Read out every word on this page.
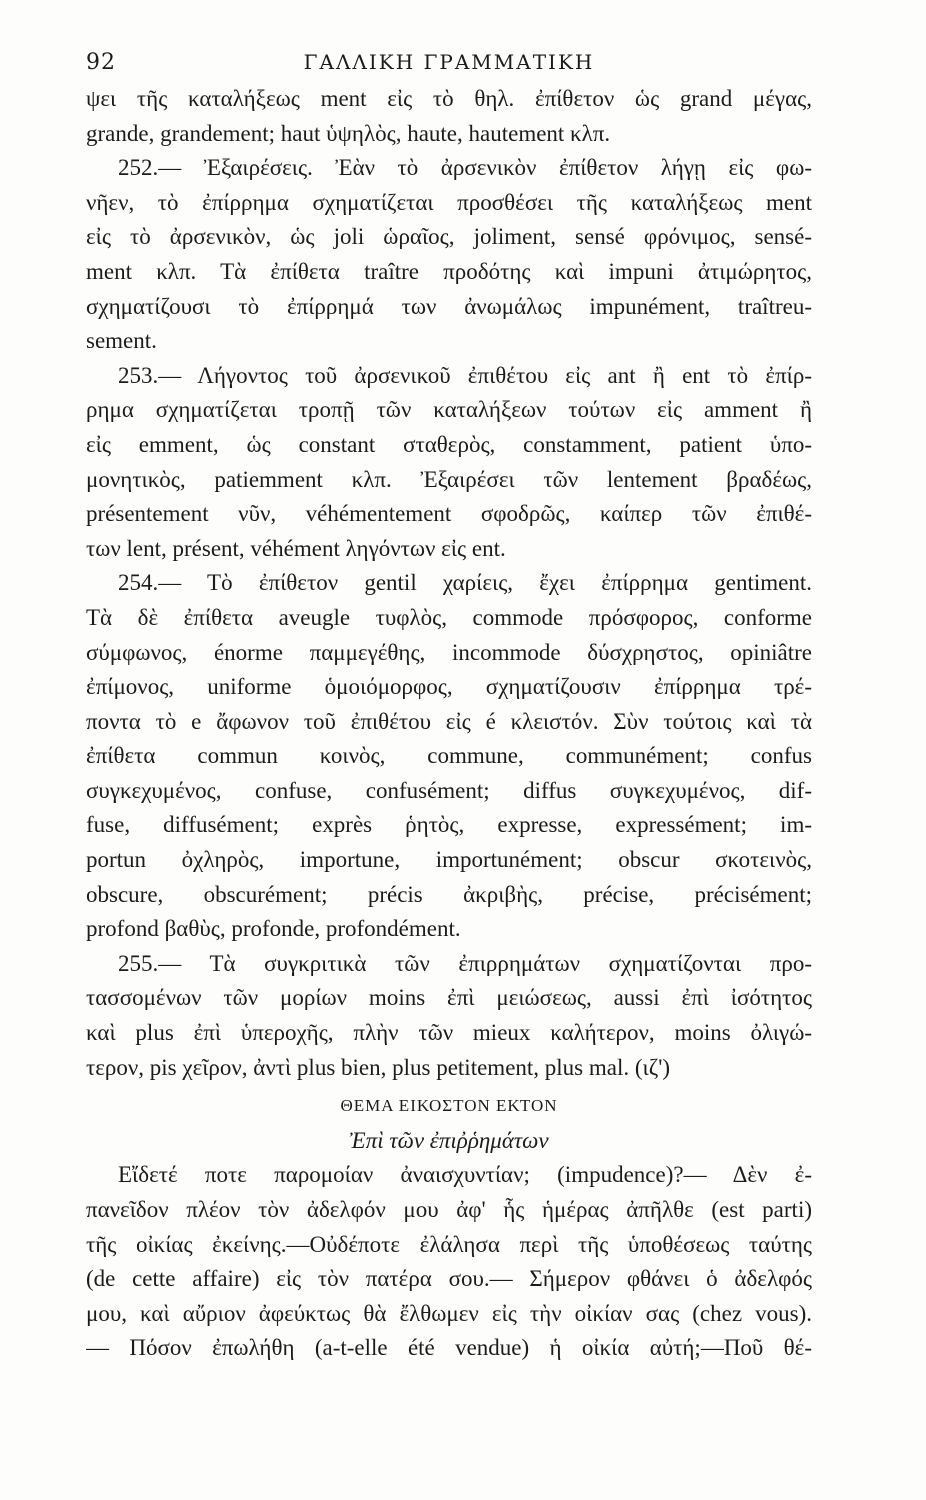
92	ΓΑΛΛΙΚΗ ΓΡΑΜΜΑΤΙΚΗ
ψει τῆς καταλήξεως ment εἰς τὸ θηλ. ἐπίθετον ὡς grand μέγας,
grande, grandement; haut ὑψηλὸς, haute, hautement κλπ.
252.— Ἐξαιρέσεις. Ἐὰν τὸ ἀρσενικὸν ἐπίθετον λήγῃ εἰς φω-
νῆεν, τὸ ἐπίρρημα σχηματίζεται προσθέσει τῆς καταλήξεως ment
εἰς τὸ ἀρσενικὸν, ὡς joli ὡραῖος, joliment, sensé φρόνιμος, sensé-
ment κλπ. Τὰ ἐπίθετα traître προδότης καὶ impuni ἀτιμώρητος,
σχηματίζουσι τὸ ἐπίρρημά των ἀνωμάλως impunément, traîtreu-
sement.
253.— Λήγοντος τοῦ ἀρσενικοῦ ἐπιθέτου εἰς ant ἢ ent τὸ ἐπίρ-
ρημα σχηματίζεται τροπῇ τῶν καταλήξεων τούτων εἰς amment ἢ
εἰς emment, ὡς constant σταθερὸς, constamment, patient ὑπο-
μονητικὸς, patiemment κλπ. Ἐξαιρέσει τῶν lentement βραδέως,
présentement νῦν, véhémentement σφοδρῶς, καίπερ τῶν ἐπιθέ-
των lent, présent, véhément ληγόντων εἰς ent.
254.— Τὸ ἐπίθετον gentil χαρίεις, ἔχει ἐπίρρημα gentiment.
Τὰ δὲ ἐπίθετα aveugle τυφλὸς, commode πρόσφορος, conforme
σύμφωνος, énorme παμμεγέθης, incommode δύσχρηστος, opiniâtre
ἐπίμονος, uniforme ὁμοιόμορφος, σχηματίζουσιν ἐπίρρημα τρέ-
ποντα τὸ e ἄφωνον τοῦ ἐπιθέτου εἰς é κλειστόν. Σὺν τούτοις καὶ τὰ
ἐπίθετα commun κοινὸς, commune, communément; confus
συγκεχυμένος, confuse, confusément; diffus συγκεχυμένος, dif-
fuse, diffusément; exprès ῥητὸς, expresse, expressément; im-
portun ὀχληρὸς, importune, importunément; obscur σκοτεινὸς,
obscure, obscurément; précis ἀκριβὴς, précise, précisément;
profond βαθὺς, profonde, profondément.
255.— Τὰ συγκριτικὰ τῶν ἐπιρρημάτων σχηματίζονται προ-
τασσομένων τῶν μορίων moins ἐπὶ μειώσεως, aussi ἐπὶ ἰσότητος
καὶ plus ἐπὶ ὑπεροχῆς, πλὴν τῶν mieux καλήτερον, moins ὀλιγώ-
τερον, pis χεῖρον, ἀντὶ plus bien, plus petitement, plus mal. (ιζ')
ΘΕΜΑ ΕΙΚΟΣΤΟΝ ΕΚΤΟΝ
Ἐπὶ τῶν ἐπιῤῥημάτων
Εἴδετέ ποτε παρομοίαν ἀναισχυντίαν; (impudence)?— Δὲν ἐ-
πανεῖδον πλέον τὸν ἀδελφόν μου ἀφ' ἧς ἡμέρας ἀπῆλθε (est parti)
τῆς οἰκίας ἐκείνης.—Οὐδέποτε ἐλάλησα περὶ τῆς ὑποθέσεως ταύτης
(de cette affaire) εἰς τὸν πατέρα σου.— Σήμερον φθάνει ὁ ἀδελφός
μου, καὶ αὔριον ἀφεύκτως θὰ ἔλθωμεν εἰς τὴν οἰκίαν σας (chez vous).
— Πόσον ἐπωλήθη (a-t-elle été vendue) ἡ οἰκία αὐτή;—Ποῦ θέ-
